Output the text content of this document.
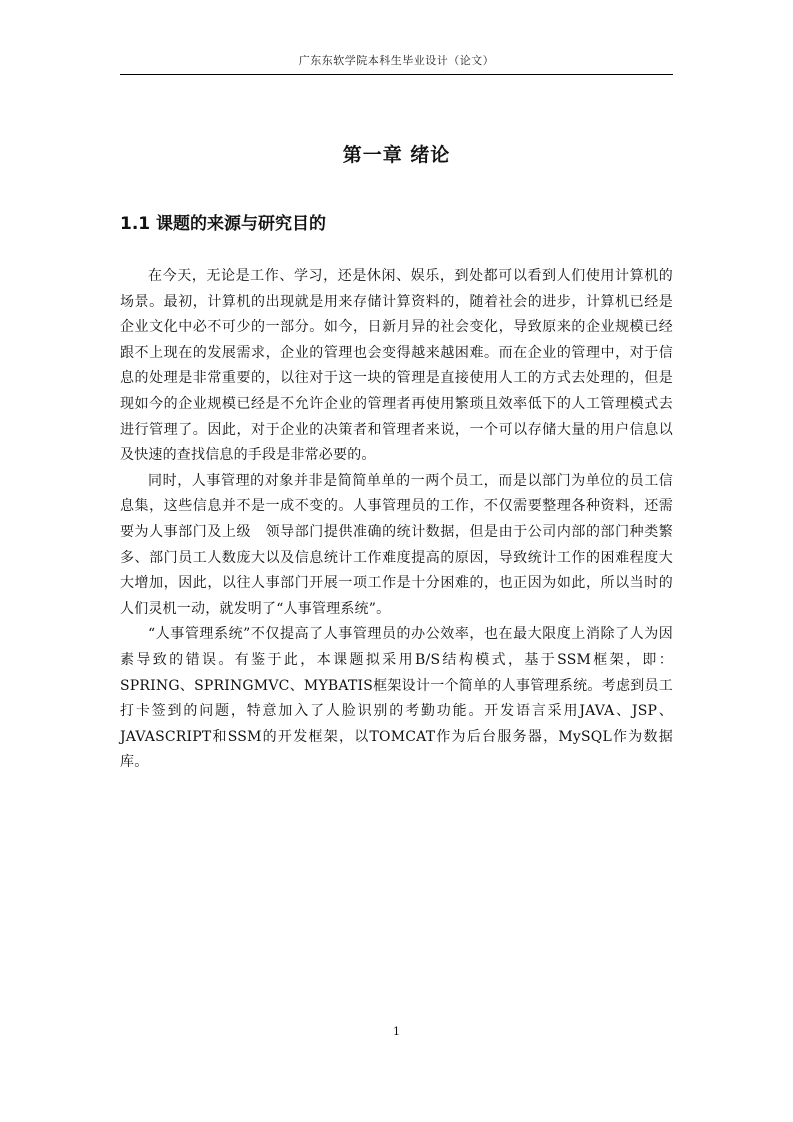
广东东软学院本科生毕业设计（论文）
第一章 绪论
1.1 课题的来源与研究目的

在今天，无论是工作、学习，还是休闲、娱乐，到处都可以看到人们使用计算机的场景。最初，计算机的出现就是用来存储计算资料的，随着社会的进步，计算机已经是企业文化中必不可少的一部分。如今，日新月异的社会变化，导致原来的企业规模已经跟不上现在的发展需求，企业的管理也会变得越来越困难。而在企业的管理中，对于信息的处理是非常重要的，以往对于这一块的管理是直接使用人工的方式去处理的，但是现如今的企业规模已经是不允许企业的管理者再使用繁琐且效率低下的人工管理模式去进行管理了。因此，对于企业的决策者和管理者来说，一个可以存储大量的用户信息以及快速的查找信息的手段是非常必要的。

同时，人事管理的对象并非是简简单单的一两个员工，而是以部门为单位的员工信息集，这些信息并不是一成不变的。人事管理员的工作，不仅需要整理各种资料，还需要为人事部门及上级　领导部门提供准确的统计数据，但是由于公司内部的部门种类繁多、部门员工人数庞大以及信息统计工作难度提高的原因，导致统计工作的困难程度大大增加，因此，以往人事部门开展一项工作是十分困难的，也正因为如此，所以当时的人们灵机一动，就发明了“人事管理系统”。

“人事管理系统”不仅提高了人事管理员的办公效率，也在最大限度上消除了人为因素导致的错误。有鉴于此，本课题拟采用B/S结构模式，基于SSM框架，即：SPRING、SPRINGMVC、MYBATIS框架设计一个简单的人事管理系统。考虑到员工打卡签到的问题，特意加入了人脸识别的考勤功能。开发语言采用JAVA、JSP、JAVASCRIPT和SSM的开发框架，以TOMCAT作为后台服务器，MySQL作为数据库。

1
